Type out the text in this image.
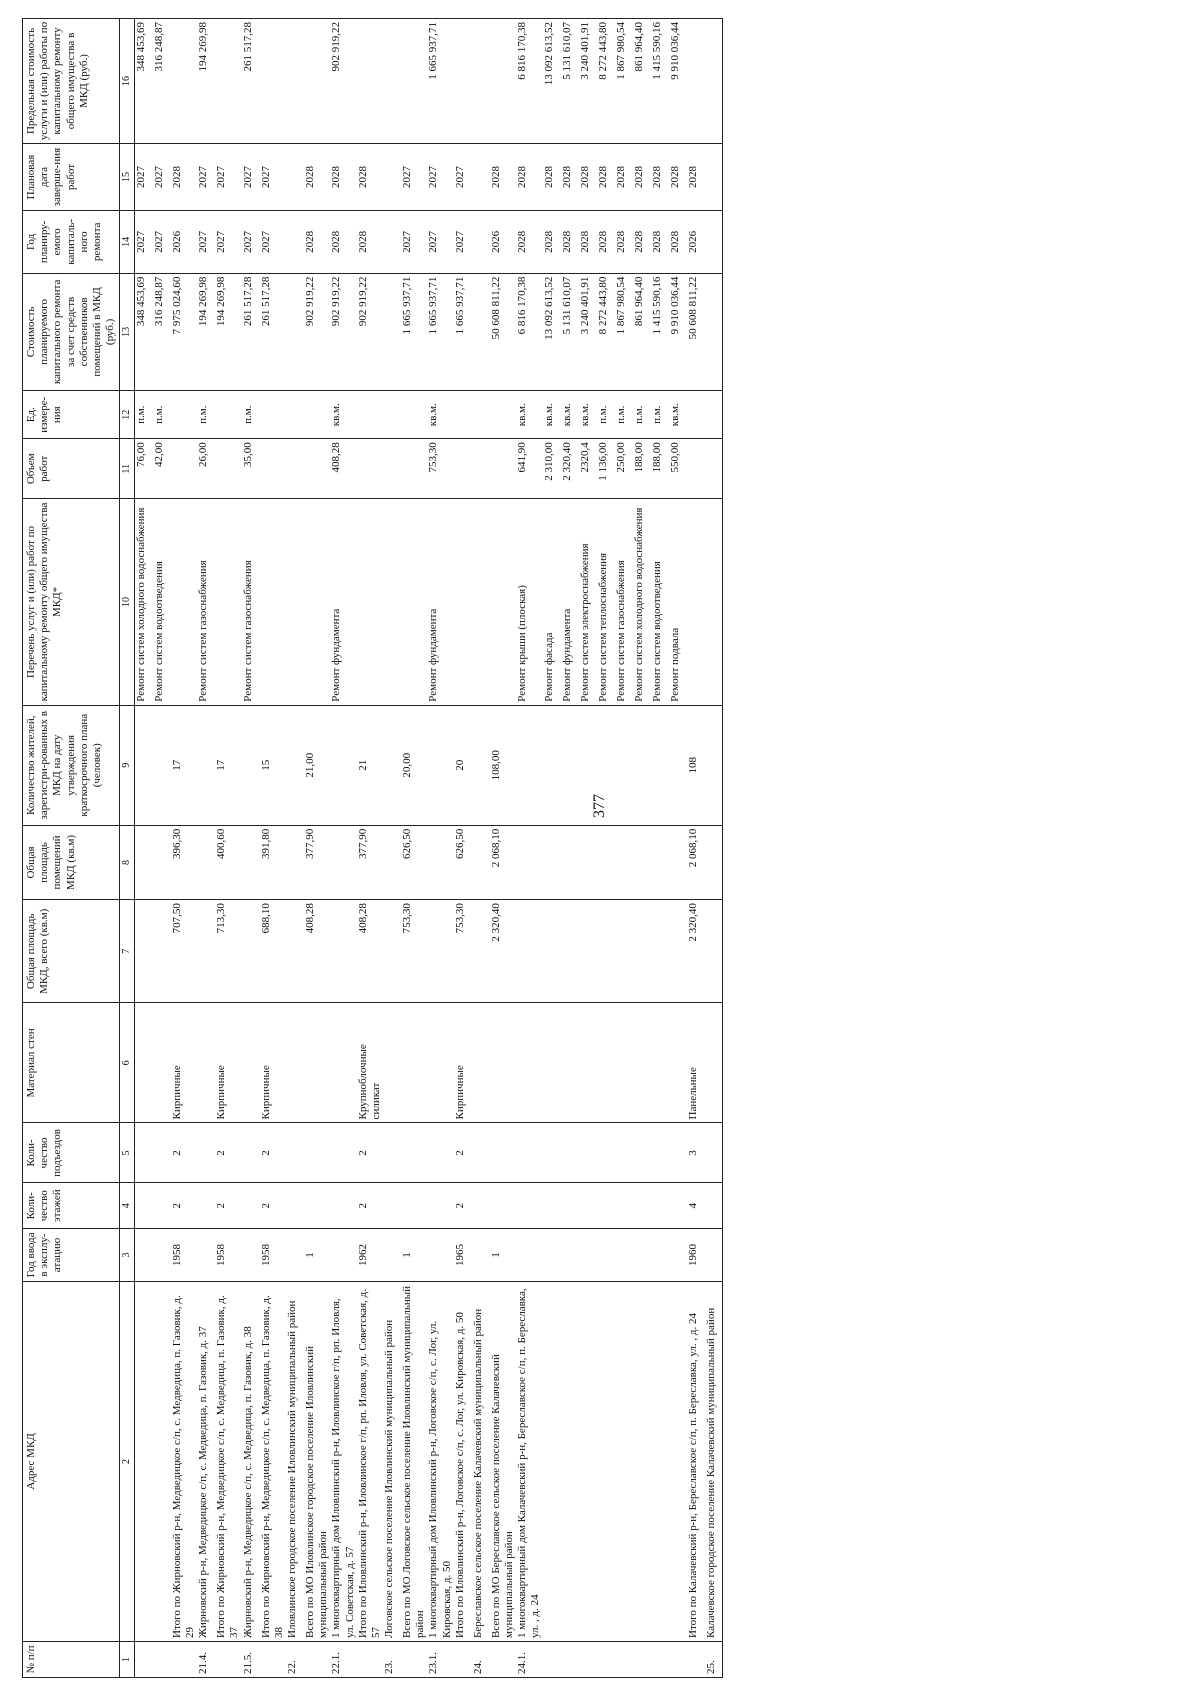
377
№ п/п	Адрес МКД	Год ввода в эксплу-атацию	Коли-чество этажей	Коли-чество подъездов	Материал стен	Общая площадь МКД, всего (кв.м)	Общая площадь помещений МКД (кв.м)	Количество жителей, зарегистри-рованных в МКД на дату утверждения краткосрочного плана (человек)	Перечень услуг и (или) работ по капитальному ремонту общего имущества МКД*	Объем работ	Ед. измере-ния	Стоимость планируемого капитального ремонта за счет средств собственников помещений в МКД (руб.)	Год планиру-емого капиталь-ного ремонта	Плановая дата заверше-ния работ	Предельная стоимость услуги и (или) работы по капитальному ремонту общего имущества в МКД (руб.)
1	2	3	4	5	6	7	8	9	10	11	12	13	14	15	16
									Ремонт систем холодного водоснабжения	76,00	п.м.	348 453,69	2027	2027	348 453,69
									Ремонт систем водоотведения	42,00	п.м.	316 248,87	2027	2027	316 248,87
	Итого по Жирновский р-н, Медведицкое с/п, с. Медведица, п. Газовик, д. 29	1958	2	2	Кирпичные	707,50	396,30	17				7 975 024,60	2026	2028	
21.4.	Жирновский р-н, Медведицкое с/п, с. Медведица, п. Газовик, д. 37								Ремонт систем газоснабжения	26,00	п.м.	194 269,98	2027	2027	194 269,98
	Итого по Жирновский р-н, Медведицкое с/п, с. Медведица, п. Газовик, д. 37	1958	2	2	Кирпичные	713,30	400,60	17				194 269,98	2027	2027	
21.5.	Жирновский р-н, Медведицкое с/п, с. Медведица, п. Газовик, д. 38								Ремонт систем газоснабжения	35,00	п.м.	261 517,28	2027	2027	261 517,28
	Итого по Жирновский р-н, Медведицкое с/п, с. Медведица, п. Газовик, д. 38	1958	2	2	Кирпичные	688,10	391,80	15				261 517,28	2027	2027	
22.	Иловлинское городское поселение Иловлинский муниципальный район														
	Всего по МО Иловлинское городское поселение Иловлинский муниципальный район	1				408,28	377,90	21,00				902 919,22	2028	2028	
22.1.	1 многоквартирный дом Иловлинский р-н, Иловлинское г/п, рп. Иловля, ул. Советская, д. 57								Ремонт фундамента	408,28	кв.м.	902 919,22	2028	2028	902 919,22
	Итого по Иловлинский р-н, Иловлинское г/п, рп. Иловля, ул. Советская, д. 57	1962	2	2	Крупноблочные силикат	408,28	377,90	21				902 919,22	2028	2028	
23.	Логовское сельское поселение Иловлинский муниципальный район														
	Всего по МО Логовское сельское поселение Иловлинский муниципальный район	1				753,30	626,50	20,00				1 665 937,71	2027	2027	
23.1.	1 многоквартирный дом Иловлинский р-н, Логовское с/п, с. Лог, ул. Кировская, д. 50								Ремонт фундамента	753,30	кв.м.	1 665 937,71	2027	2027	1 665 937,71
	Итого по Иловлинский р-н, Логовское с/п, с. Лог, ул. Кировская, д. 50	1965	2	2	Кирпичные	753,30	626,50	20				1 665 937,71	2027	2027	
24.	Береславское сельское поселение Калачевский муниципальный район														
	Всего по МО Береславское сельское поселение Калачевский муниципальный район	1				2 320,40	2 068,10	108,00				50 608 811,22	2026	2028	
24.1.	1 многоквартирный дом Калачевский р-н, Береславское с/п, п. Береславка, ул. , д. 24								Ремонт крыши (плоская)	641,90	кв.м.	6 816 170,38	2028	2028	6 816 170,38
									Ремонт фасада	2 310,00	кв.м.	13 092 613,52	2028	2028	13 092 613,52
									Ремонт фундамента	2 320,40	кв.м.	5 131 610,07	2028	2028	5 131 610,07
									Ремонт систем электроснабжения	2320,4	кв.м.	3 240 401,91	2028	2028	3 240 401,91
									Ремонт систем теплоснабжения	1 136,00	п.м.	8 272 443,80	2028	2028	8 272 443,80
									Ремонт систем газоснабжения	250,00	п.м.	1 867 980,54	2028	2028	1 867 980,54
									Ремонт систем холодного водоснабжения	188,00	п.м.	861 964,40	2028	2028	861 964,40
									Ремонт систем водоотведения	188,00	п.м.	1 415 590,16	2028	2028	1 415 590,16
									Ремонт подвала	550,00	кв.м.	9 910 036,44	2028	2028	9 910 036,44
	Итого по Калачевский р-н, Береславское с/п, п. Береславка, ул. , д. 24	1960	4	3	Панельные	2 320,40	2 068,10	108				50 608 811,22	2026	2028	
25.	Калачевское городское поселение Калачевский муниципальный район														
